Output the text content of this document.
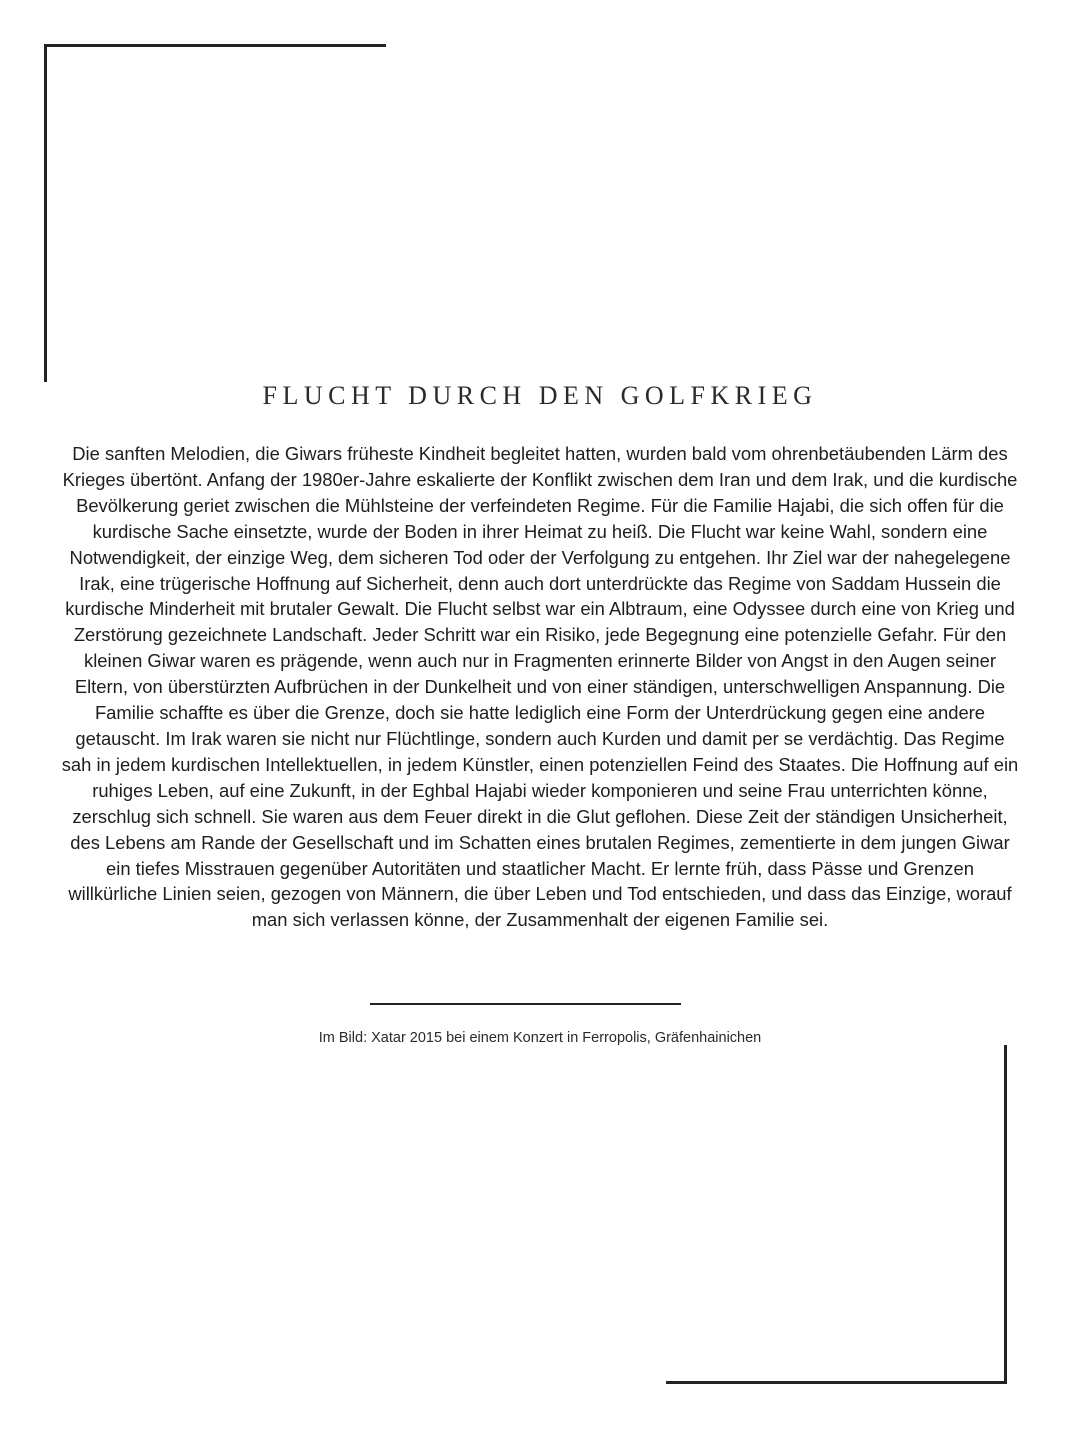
FLUCHT DURCH DEN GOLFKRIEG

Die sanften Melodien, die Giwars früheste Kindheit begleitet hatten, wurden bald vom ohrenbetäubenden Lärm des Krieges übertönt. Anfang der 1980er-Jahre eskalierte der Konflikt zwischen dem Iran und dem Irak, und die kurdische Bevölkerung geriet zwischen die Mühlsteine der verfeindeten Regime. Für die Familie Hajabi, die sich offen für die kurdische Sache einsetzte, wurde der Boden in ihrer Heimat zu heiß. Die Flucht war keine Wahl, sondern eine Notwendigkeit, der einzige Weg, dem sicheren Tod oder der Verfolgung zu entgehen. Ihr Ziel war der nahegelegene Irak, eine trügerische Hoffnung auf Sicherheit, denn auch dort unterdrückte das Regime von Saddam Hussein die kurdische Minderheit mit brutaler Gewalt. Die Flucht selbst war ein Albtraum, eine Odyssee durch eine von Krieg und Zerstörung gezeichnete Landschaft. Jeder Schritt war ein Risiko, jede Begegnung eine potenzielle Gefahr. Für den kleinen Giwar waren es prägende, wenn auch nur in Fragmenten erinnerte Bilder von Angst in den Augen seiner Eltern, von überstürzten Aufbrüchen in der Dunkelheit und von einer ständigen, unterschwelligen Anspannung. Die Familie schaffte es über die Grenze, doch sie hatte lediglich eine Form der Unterdrückung gegen eine andere getauscht. Im Irak waren sie nicht nur Flüchtlinge, sondern auch Kurden und damit per se verdächtig. Das Regime sah in jedem kurdischen Intellektuellen, in jedem Künstler, einen potenziellen Feind des Staates. Die Hoffnung auf ein ruhiges Leben, auf eine Zukunft, in der Eghbal Hajabi wieder komponieren und seine Frau unterrichten könne, zerschlug sich schnell. Sie waren aus dem Feuer direkt in die Glut geflohen. Diese Zeit der ständigen Unsicherheit, des Lebens am Rande der Gesellschaft und im Schatten eines brutalen Regimes, zementierte in dem jungen Giwar ein tiefes Misstrauen gegenüber Autoritäten und staatlicher Macht. Er lernte früh, dass Pässe und Grenzen willkürliche Linien seien, gezogen von Männern, die über Leben und Tod entschieden, und dass das Einzige, worauf man sich verlassen könne, der Zusammenhalt der eigenen Familie sei.

Im Bild: Xatar 2015 bei einem Konzert in Ferropolis, Gräfenhainichen
